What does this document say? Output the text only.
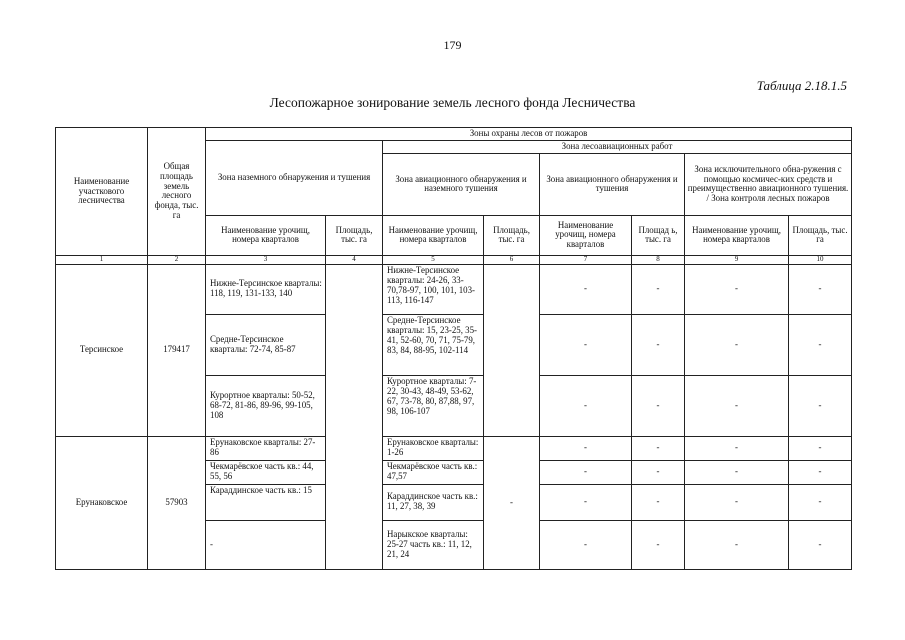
179
Таблица 2.18.1.5
Лесопожарное зонирование земель лесного фонда Лесничества
Наименование участкового лесничества	Общая площадь земель лесного фонда, тыс. га	Зоны охраны лесов от пожаров							
		Зона наземного обнаружения и тушения		Зона лесоавиационных работ					
				Зона авиационного обнаружения и наземного тушения		Зона авиационного обнаружения и тушения		Зона исключительного обна-ружения с помощью космичес-ких средств и преимущественно авиационного тушения. / Зона контроля лесных пожаров	
		Наименование урочищ, номера кварталов	Площадь, тыс. га	Наименование урочищ, номера кварталов	Площадь, тыс. га	Наименование урочищ, номера кварталов	Площад ь, тыс. га	Наименование урочищ, номера кварталов	Площадь, тыс. га
1	2	3	4	5	6	7	8	9	10
Терсинское	179417	Нижне-Терсинское кварталы: 118, 119, 131-133, 140		Нижне-Терсинское кварталы: 24-26, 33-70,78-97, 100, 101, 103-113, 116-147		-	-	-	-
		Средне-Терсинское кварталы: 72-74, 85-87		Средне-Терсинское кварталы: 15, 23-25, 35-41, 52-60, 70, 71, 75-79, 83, 84, 88-95, 102-114		-	-	-	-
		Курортное кварталы: 50-52, 68-72, 81-86, 89-96, 99-105, 108		Курортное кварталы: 7-22, 30-43, 48-49, 53-62, 67, 73-78, 80, 87,88, 97, 98, 106-107		-	-	-	-
Ерунаковское	57903	Ерунаковское кварталы: 27-86		Ерунаковское кварталы: 1-26	-	-	-	-	-
		Чекмарёвское часть кв.: 44, 55, 56		Чекмарёвское часть кв.: 47,57		-	-	-	-
		Караддинское часть кв.: 15		Караддинское часть кв.: 11, 27, 38, 39		-	-	-	-
		-		Нарыкское кварталы: 25-27 часть кв.: 11, 12, 21, 24		-	-	-	-
